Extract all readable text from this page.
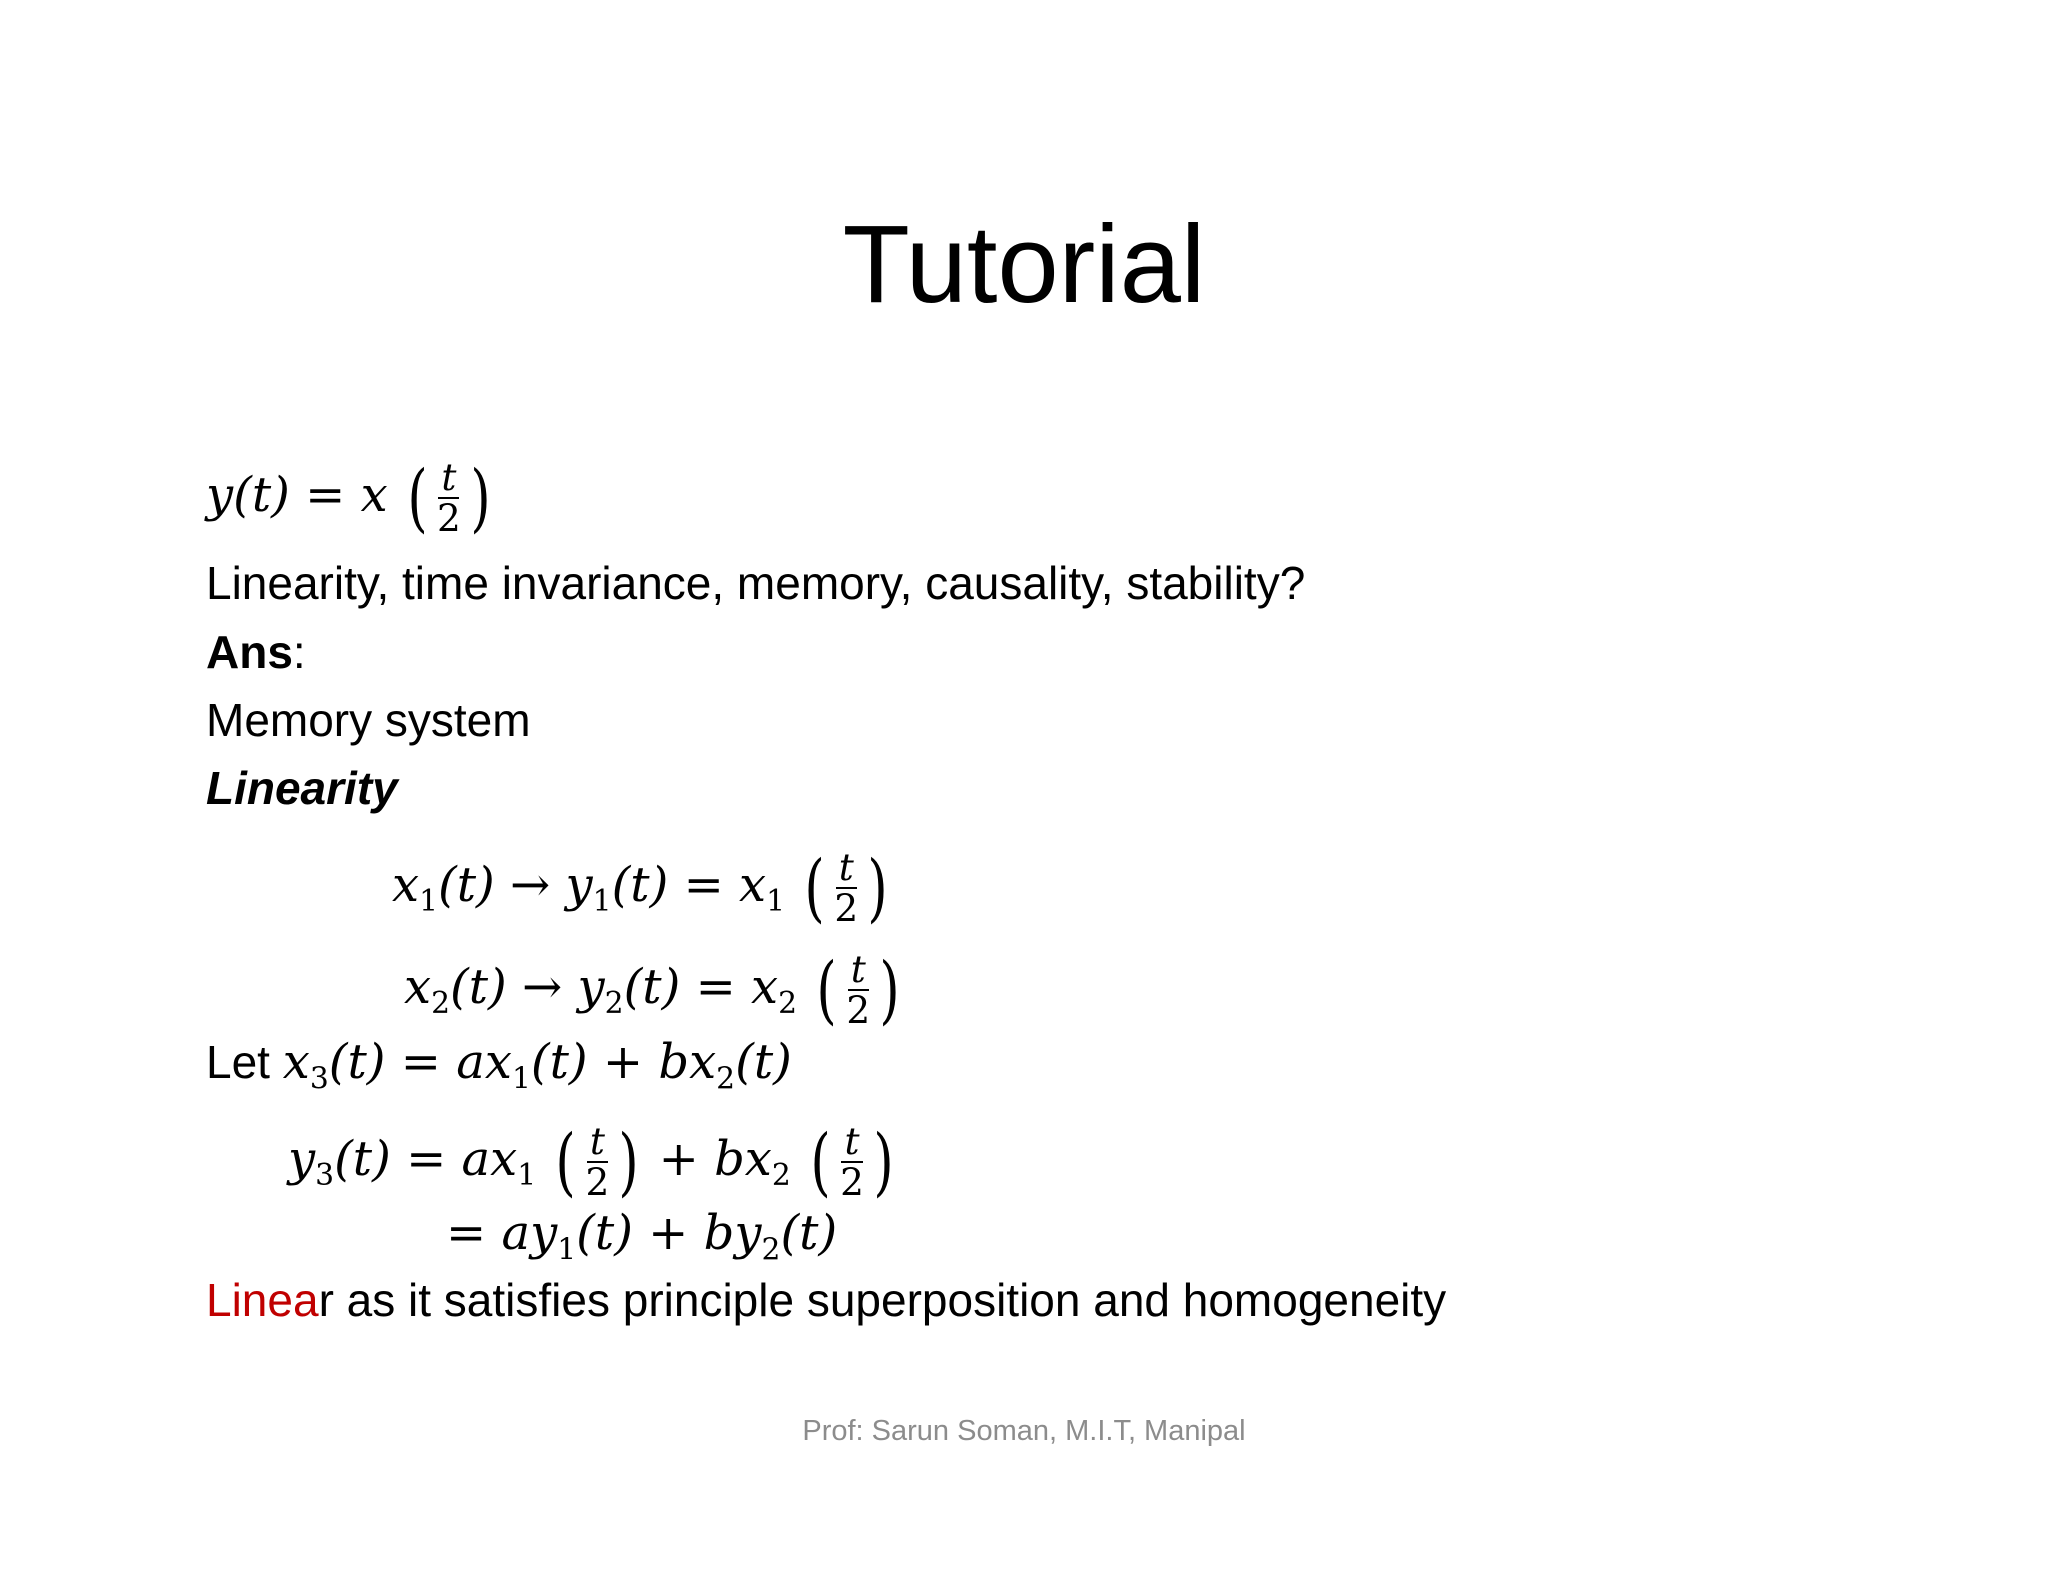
Tutorial
y(t) = x ( $\frac{t}{2}$ )
Linearity, time invariance, memory, causality, stability?
Ans:
Memory system
Linearity
$x_1(t) \to y_1(t) = x_1$ ( $\frac{t}{2}$ )
$x_2(t) \to y_2(t) = x_2$ ( $\frac{t}{2}$ )
Let $x_3(t) = ax_1(t) + bx_2(t)$
$y_3(t) = ax_1$ ( $\frac{t}{2}$ ) + $bx_2$ ( $\frac{t}{2}$ )
= $ay_1(t) + by_2(t)$
Linear as it satisfies principle superposition and homogeneity
Prof: Sarun Soman, M.I.T, Manipal
